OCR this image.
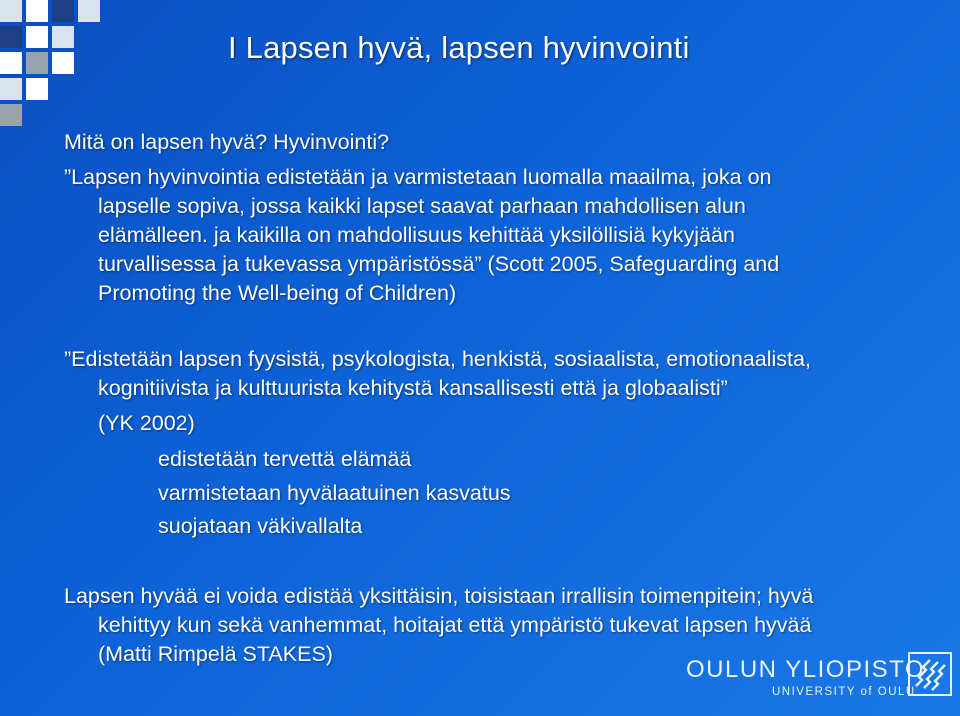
I Lapsen hyvä, lapsen hyvinvointi
Mitä on lapsen hyvä? Hyvinvointi?
”Lapsen hyvinvointia edistetään ja varmistetaan luomalla maailma, joka on
lapselle sopiva, jossa kaikki lapset saavat parhaan mahdollisen alun
elämälleen. ja kaikilla on mahdollisuus kehittää yksilöllisiä kykyjään
turvallisessa ja tukevassa ympäristössä” (Scott 2005, Safeguarding and
Promoting the Well-being of Children)
”Edistetään lapsen fyysistä, psykologista, henkistä, sosiaalista, emotionaalista,
kognitiivista ja kulttuurista kehitystä kansallisesti että ja globaalisti”
(YK 2002)
edistetään tervettä elämää
varmistetaan hyvälaatuinen kasvatus
suojataan väkivallalta
Lapsen hyvää ei voida edistää yksittäisin, toisistaan irrallisin toimenpitein; hyvä
kehittyy kun sekä vanhemmat, hoitajat että ympäristö tukevat lapsen hyvää
(Matti Rimpelä STAKES)
OULUN YLIOPISTO
UNIVERSITY of OULU
